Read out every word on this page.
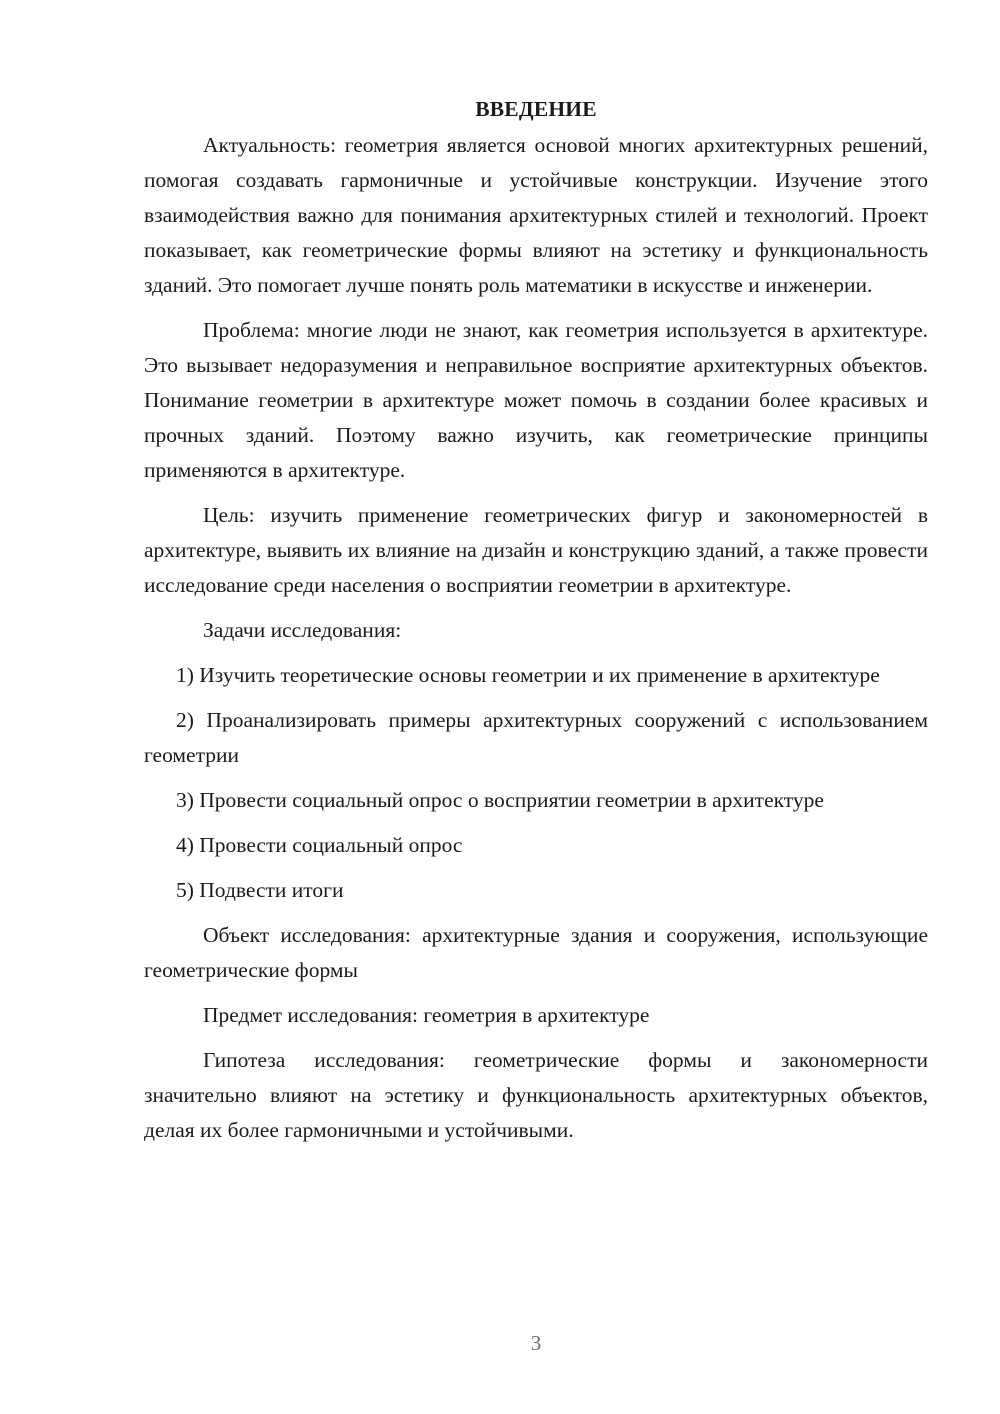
ВВЕДЕНИЕ

Актуальность: геометрия является основой многих архитектурных решений, помогая создавать гармоничные и устойчивые конструкции. Изучение этого взаимодействия важно для понимания архитектурных стилей и технологий. Проект показывает, как геометрические формы влияют на эстетику и функциональность зданий. Это помогает лучше понять роль математики в искусстве и инженерии.

Проблема: многие люди не знают, как геометрия используется в архитектуре. Это вызывает недоразумения и неправильное восприятие архитектурных объектов. Понимание геометрии в архитектуре может помочь в создании более красивых и прочных зданий. Поэтому важно изучить, как геометрические принципы применяются в архитектуре.

Цель: изучить применение геометрических фигур и закономерностей в архитектуре, выявить их влияние на дизайн и конструкцию зданий, а также провести исследование среди населения о восприятии геометрии в архитектуре.

Задачи исследования:

1) Изучить теоретические основы геометрии и их применение в архитектуре

2) Проанализировать примеры архитектурных сооружений с использованием геометрии

3) Провести социальный опрос о восприятии геометрии в архитектуре

4) Провести социальный опрос

5) Подвести итоги

Объект исследования: архитектурные здания и сооружения, использующие геометрические формы

Предмет исследования: геометрия в архитектуре

Гипотеза исследования: геометрические формы и закономерности значительно влияют на эстетику и функциональность архитектурных объектов, делая их более гармоничными и устойчивыми.

3
